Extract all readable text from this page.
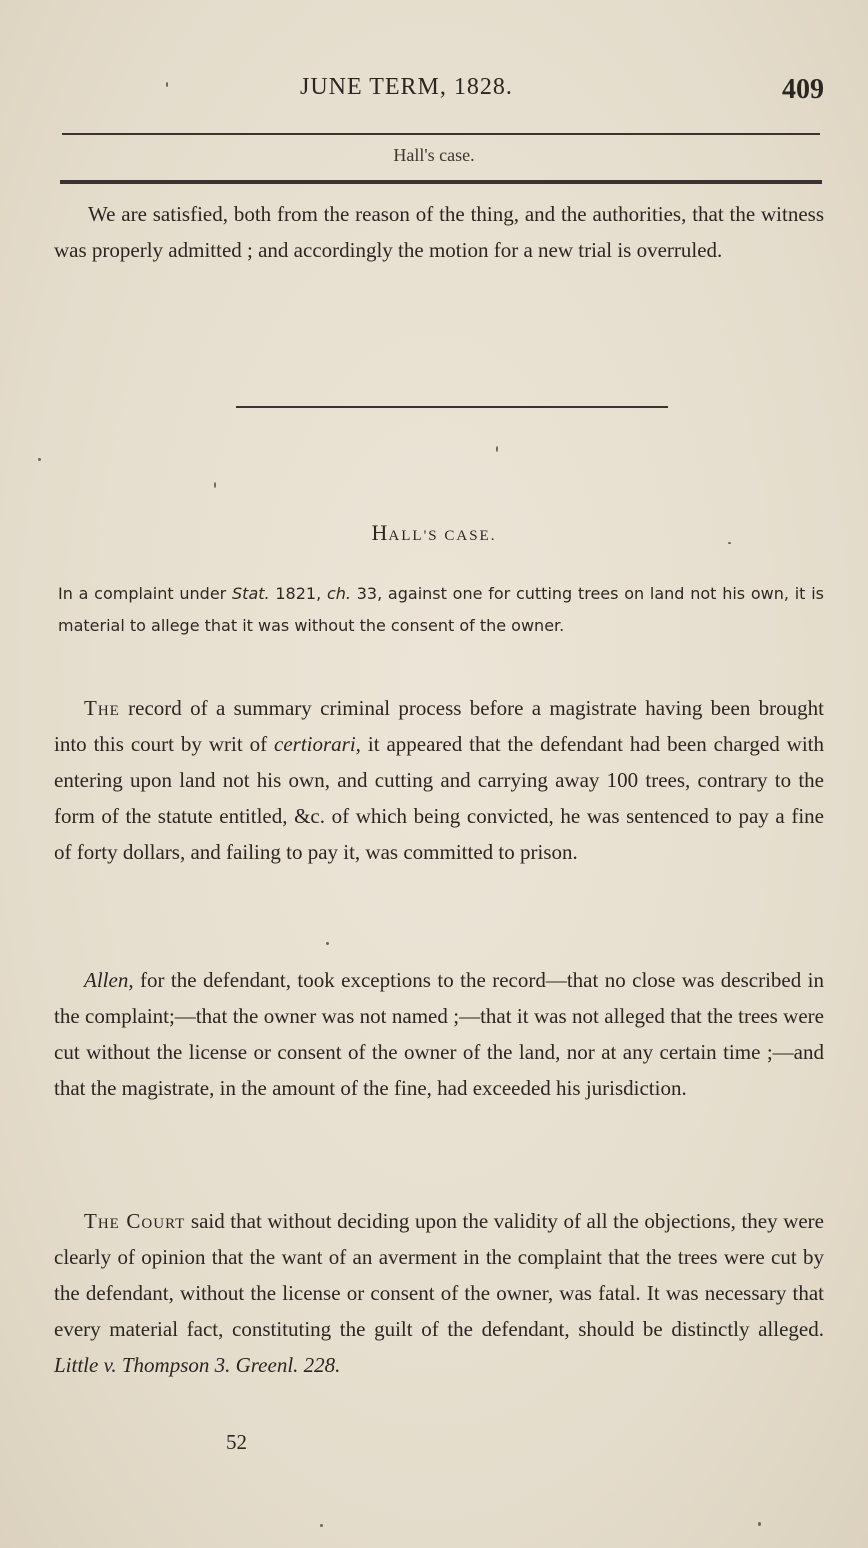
JUNE TERM, 1828.	409
Hall's case.

We are satisfied, both from the reason of the thing, and the authorities, that the witness was properly admitted ; and accordingly the motion for a new trial is overruled.

HALL'S CASE.

In a complaint under Stat. 1821, ch. 33, against one for cutting trees on land not his own, it is material to allege that it was without the consent of the owner.

The record of a summary criminal process before a magistrate having been brought into this court by writ of certiorari, it appeared that the defendant had been charged with entering upon land not his own, and cutting and carrying away 100 trees, contrary to the form of the statute entitled, &c. of which being convicted, he was sentenced to pay a fine of forty dollars, and failing to pay it, was committed to prison.

Allen, for the defendant, took exceptions to the record—that no close was described in the complaint;—that the owner was not named ;—that it was not alleged that the trees were cut without the license or consent of the owner of the land, nor at any certain time ;—and that the magistrate, in the amount of the fine, had exceeded his jurisdiction.

The Court said that without deciding upon the validity of all the objections, they were clearly of opinion that the want of an averment in the complaint that the trees were cut by the defendant, without the license or consent of the owner, was fatal. It was necessary that every material fact, constituting the guilt of the defendant, should be distinctly alleged. Little v. Thompson 3. Greenl. 228.

52
